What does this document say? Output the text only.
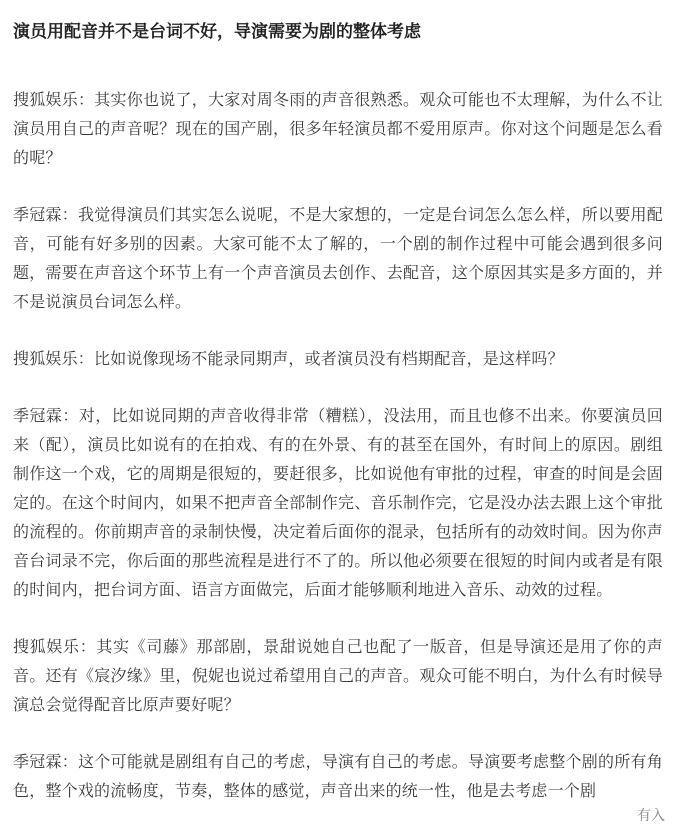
演员用配音并不是台词不好，导演需要为剧的整体考虑

搜狐娱乐：其实你也说了，大家对周冬雨的声音很熟悉。观众可能也不太理解，为什么不让演员用自己的声音呢？现在的国产剧，很多年轻演员都不爱用原声。你对这个问题是怎么看的呢？

季冠霖：我觉得演员们其实怎么说呢，不是大家想的，一定是台词怎么怎么样，所以要用配音，可能有好多别的因素。大家可能不太了解的，一个剧的制作过程中可能会遇到很多问题，需要在声音这个环节上有一个声音演员去创作、去配音，这个原因其实是多方面的，并不是说演员台词怎么样。

搜狐娱乐：比如说像现场不能录同期声，或者演员没有档期配音，是这样吗？

季冠霖：对，比如说同期的声音收得非常（糟糕），没法用，而且也修不出来。你要演员回来（配），演员比如说有的在拍戏、有的在外景、有的甚至在国外，有时间上的原因。剧组制作这一个戏，它的周期是很短的，要赶很多，比如说他有审批的过程，审查的时间是会固定的。在这个时间内，如果不把声音全部制作完、音乐制作完，它是没办法去跟上这个审批的流程的。你前期声音的录制快慢，决定着后面你的混录，包括所有的动效时间。因为你声音台词录不完，你后面的那些流程是进行不了的。所以他必须要在很短的时间内或者是有限的时间内，把台词方面、语言方面做完，后面才能够顺利地进入音乐、动效的过程。

搜狐娱乐：其实《司藤》那部剧，景甜说她自己也配了一版音，但是导演还是用了你的声音。还有《宸汐缘》里，倪妮也说过希望用自己的声音。观众可能不明白，为什么有时候导演总会觉得配音比原声要好呢？

季冠霖：这个可能就是剧组有自己的考虑，导演有自己的考虑。导演要考虑整个剧的所有角色，整个戏的流畅度，节奏，整体的感觉，声音出来的统一性，他是去考虑一个剧

有入
